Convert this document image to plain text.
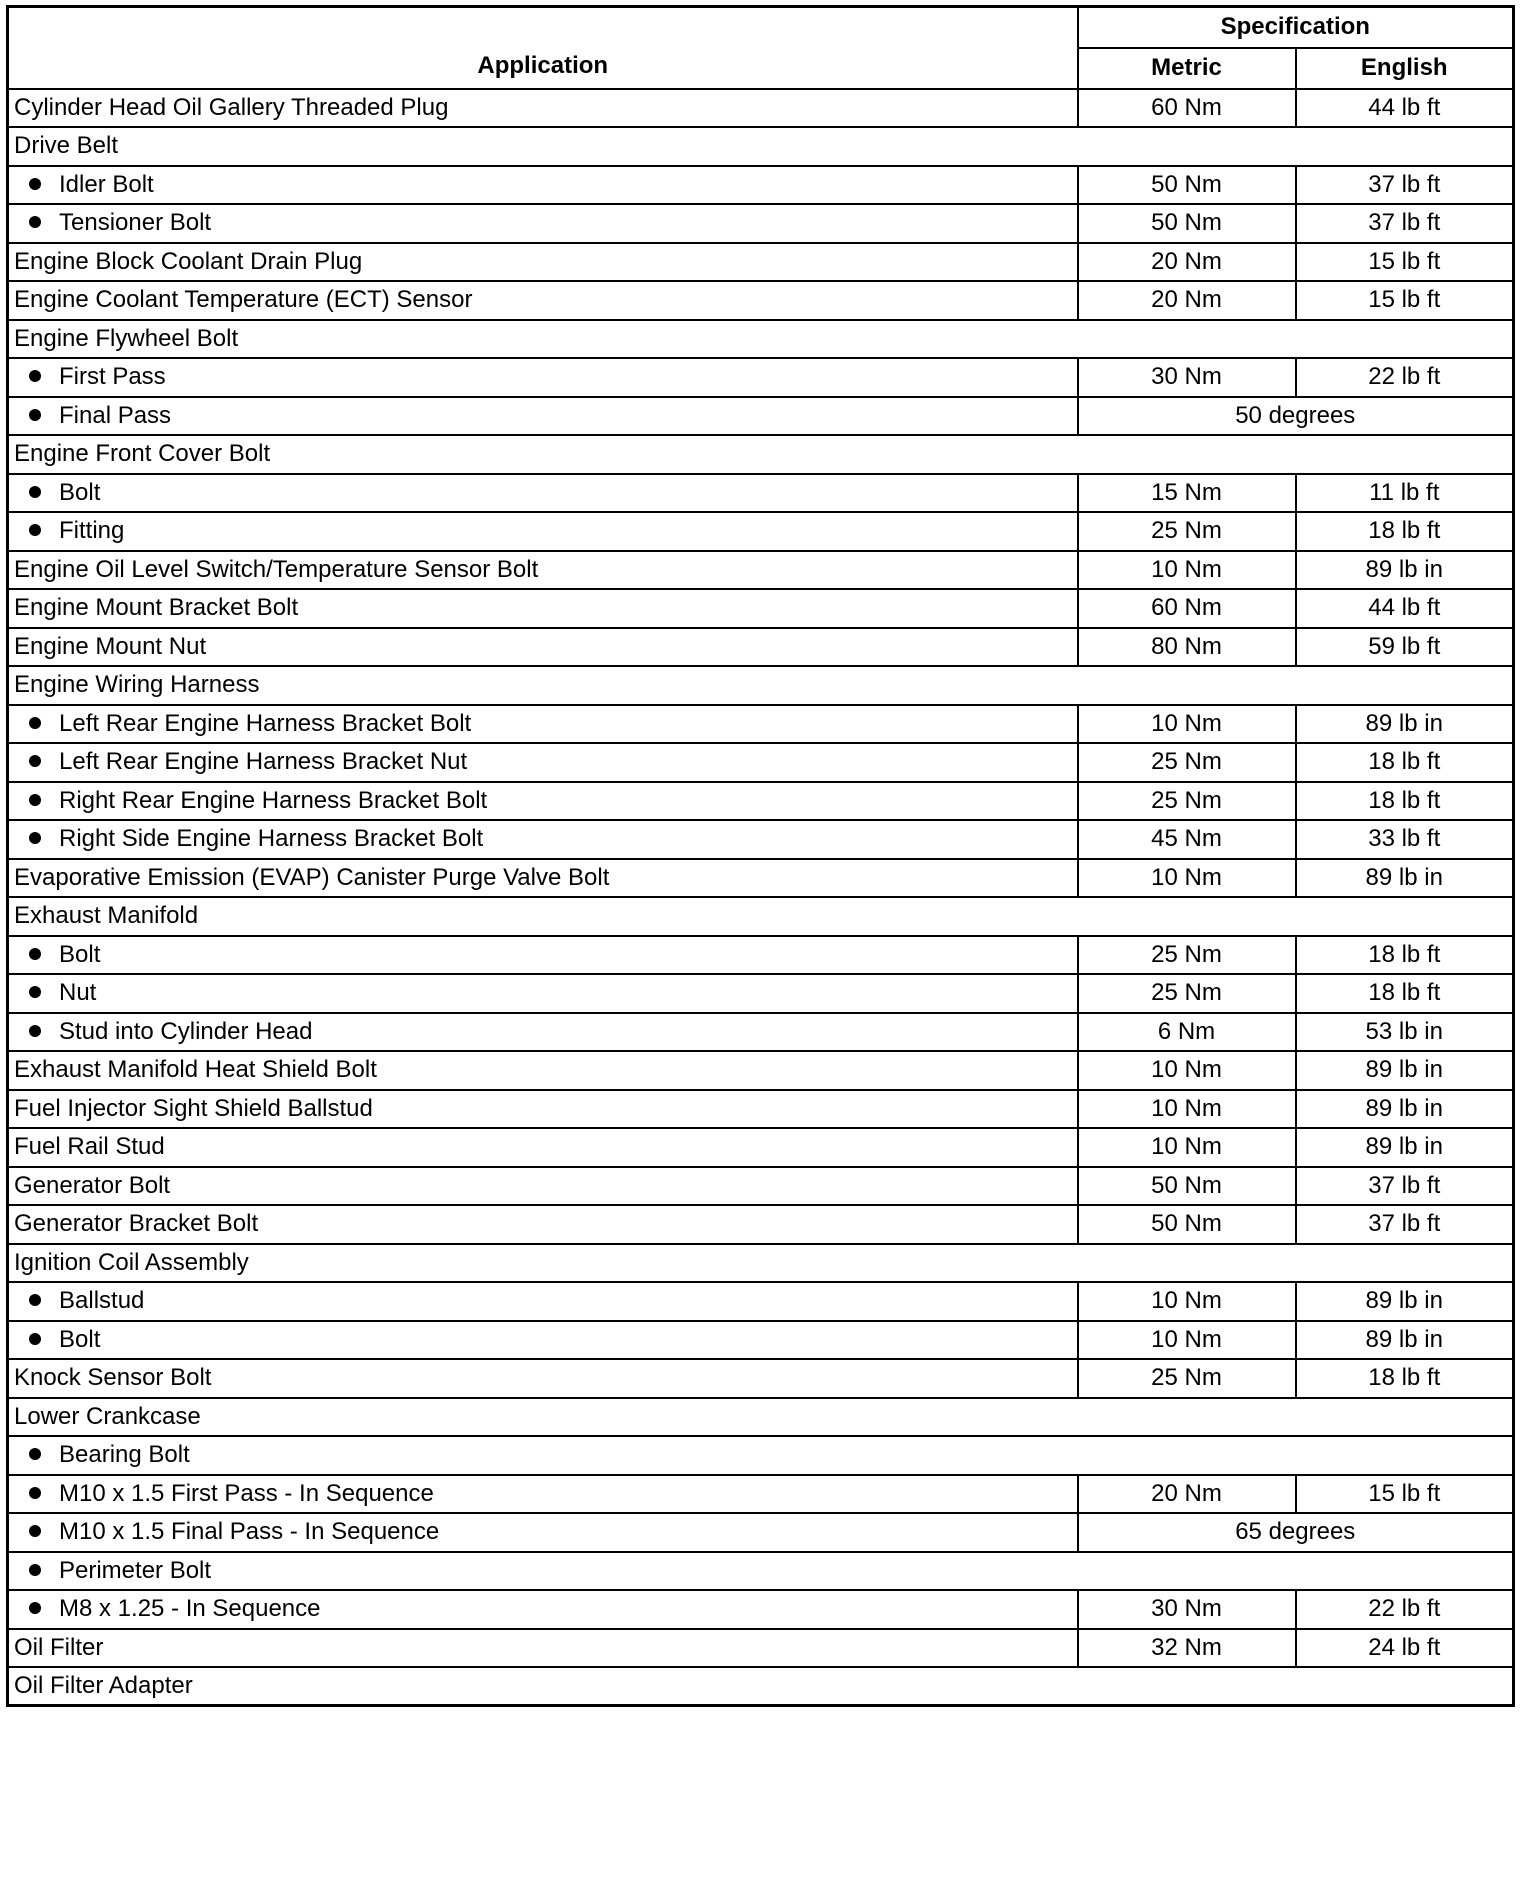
Application	Specification	
	Metric	English
Cylinder Head Oil Gallery Threaded Plug	60 Nm	44 lb ft
Drive Belt		
Idler Bolt	50 Nm	37 lb ft
Tensioner Bolt	50 Nm	37 lb ft
Engine Block Coolant Drain Plug	20 Nm	15 lb ft
Engine Coolant Temperature (ECT) Sensor	20 Nm	15 lb ft
Engine Flywheel Bolt		
First Pass	30 Nm	22 lb ft
Final Pass	50 degrees	
Engine Front Cover Bolt		
Bolt	15 Nm	11 lb ft
Fitting	25 Nm	18 lb ft
Engine Oil Level Switch/Temperature Sensor Bolt	10 Nm	89 lb in
Engine Mount Bracket Bolt	60 Nm	44 lb ft
Engine Mount Nut	80 Nm	59 lb ft
Engine Wiring Harness		
Left Rear Engine Harness Bracket Bolt	10 Nm	89 lb in
Left Rear Engine Harness Bracket Nut	25 Nm	18 lb ft
Right Rear Engine Harness Bracket Bolt	25 Nm	18 lb ft
Right Side Engine Harness Bracket Bolt	45 Nm	33 lb ft
Evaporative Emission (EVAP) Canister Purge Valve Bolt	10 Nm	89 lb in
Exhaust Manifold		
Bolt	25 Nm	18 lb ft
Nut	25 Nm	18 lb ft
Stud into Cylinder Head	6 Nm	53 lb in
Exhaust Manifold Heat Shield Bolt	10 Nm	89 lb in
Fuel Injector Sight Shield Ballstud	10 Nm	89 lb in
Fuel Rail Stud	10 Nm	89 lb in
Generator Bolt	50 Nm	37 lb ft
Generator Bracket Bolt	50 Nm	37 lb ft
Ignition Coil Assembly		
Ballstud	10 Nm	89 lb in
Bolt	10 Nm	89 lb in
Knock Sensor Bolt	25 Nm	18 lb ft
Lower Crankcase		
Bearing Bolt		
M10 x 1.5 First Pass - In Sequence	20 Nm	15 lb ft
M10 x 1.5 Final Pass - In Sequence	65 degrees	
Perimeter Bolt		
M8 x 1.25 - In Sequence	30 Nm	22 lb ft
Oil Filter	32 Nm	24 lb ft
Oil Filter Adapter		
